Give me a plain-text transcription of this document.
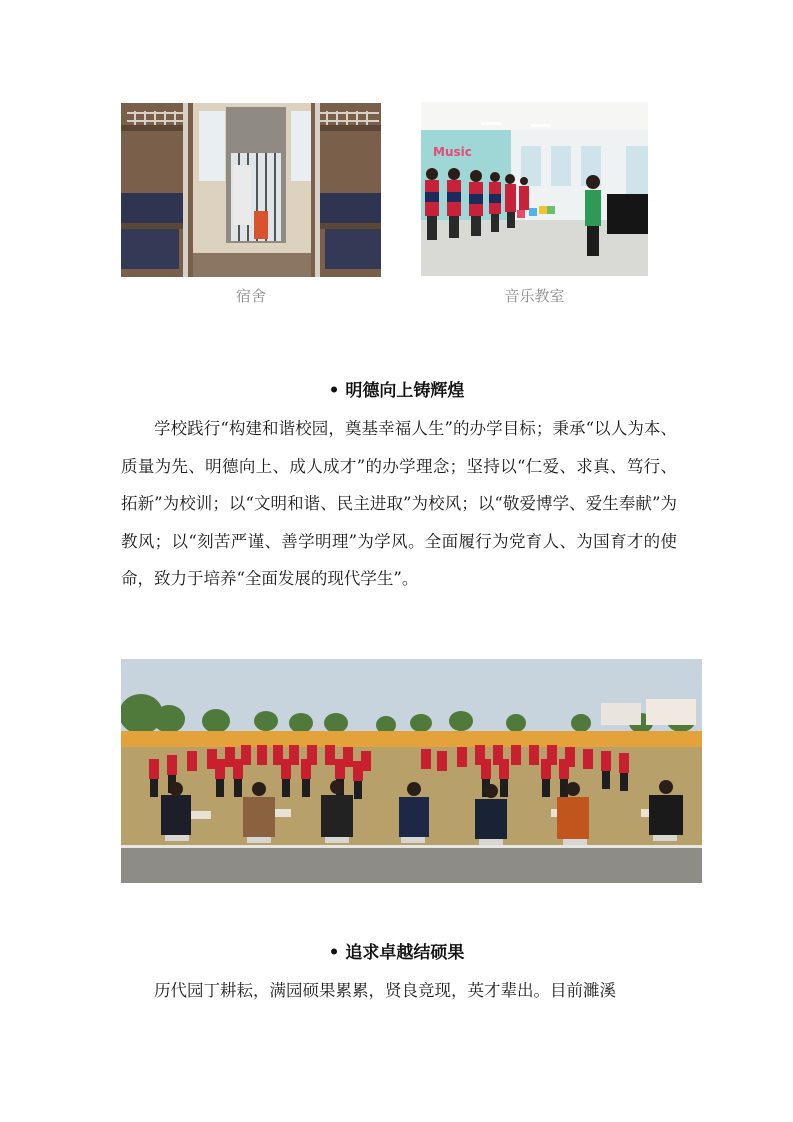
宿舍
Music
音乐教室
• 明德向上铸辉煌
学校践行“构建和谐校园，奠基幸福人生”的办学目标；秉承“以人为本、质量为先、明德向上、成人成才”的办学理念；坚持以“仁爱、求真、笃行、拓新”为校训；以“文明和谐、民主进取”为校风；以“敬爱博学、爱生奉献”为教风；以“刻苦严谨、善学明理”为学风。全面履行为党育人、为国育才的使命，致力于培养“全面发展的现代学生”。
• 追求卓越结硕果
历代园丁耕耘，满园硕果累累，贤良竞现，英才辈出。目前濉溪
